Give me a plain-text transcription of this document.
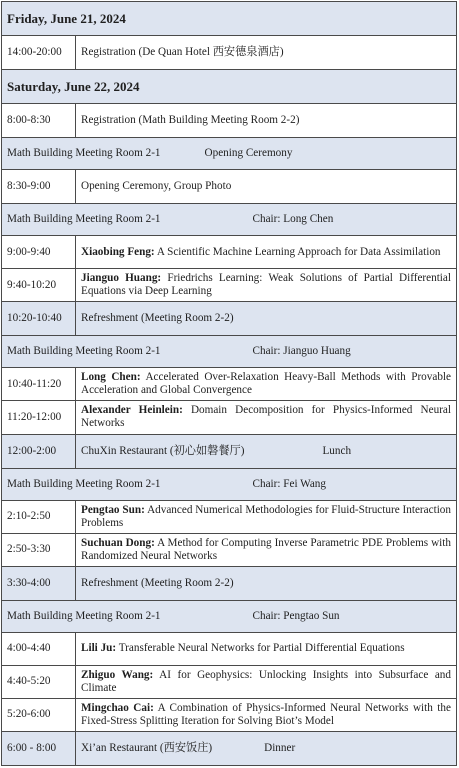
Friday, June 21, 2024	
14:00-20:00	Registration (De Quan Hotel 西安德泉酒店)
Saturday, June 22, 2024	
8:00-8:30	Registration (Math Building Meeting Room 2-2)
Math Building Meeting Room 2-1 Opening Ceremony	
8:30-9:00	Opening Ceremony, Group Photo
Math Building Meeting Room 2-1 Chair: Long Chen	
9:00-9:40	Xiaobing Feng: A Scientific Machine Learning Approach for Data Assimilation
9:40-10:20	Jianguo Huang: Friedrichs Learning: Weak Solutions of Partial Differential Equations via Deep Learning
10:20-10:40	Refreshment (Meeting Room 2-2)
Math Building Meeting Room 2-1 Chair: Jianguo Huang	
10:40-11:20	Long Chen: Accelerated Over-Relaxation Heavy-Ball Methods with Provable Acceleration and Global Convergence
11:20-12:00	Alexander Heinlein: Domain Decomposition for Physics-Informed Neural Networks
12:00-2:00	ChuXin Restaurant (初心如磐餐厅) Lunch
Math Building Meeting Room 2-1 Chair: Fei Wang	
2:10-2:50	Pengtao Sun: Advanced Numerical Methodologies for Fluid-Structure Interaction Problems
2:50-3:30	Suchuan Dong: A Method for Computing Inverse Parametric PDE Problems with Randomized Neural Networks
3:30-4:00	Refreshment (Meeting Room 2-2)
Math Building Meeting Room 2-1 Chair: Pengtao Sun	
4:00-4:40	Lili Ju: Transferable Neural Networks for Partial Differential Equations
4:40-5:20	Zhiguo Wang: AI for Geophysics: Unlocking Insights into Subsurface and Climate
5:20-6:00	Mingchao Cai: A Combination of Physics-Informed Neural Networks with the Fixed-Stress Splitting Iteration for Solving Biot’s Model
6:00 - 8:00	Xi’an Restaurant (西安饭庄) Dinner
